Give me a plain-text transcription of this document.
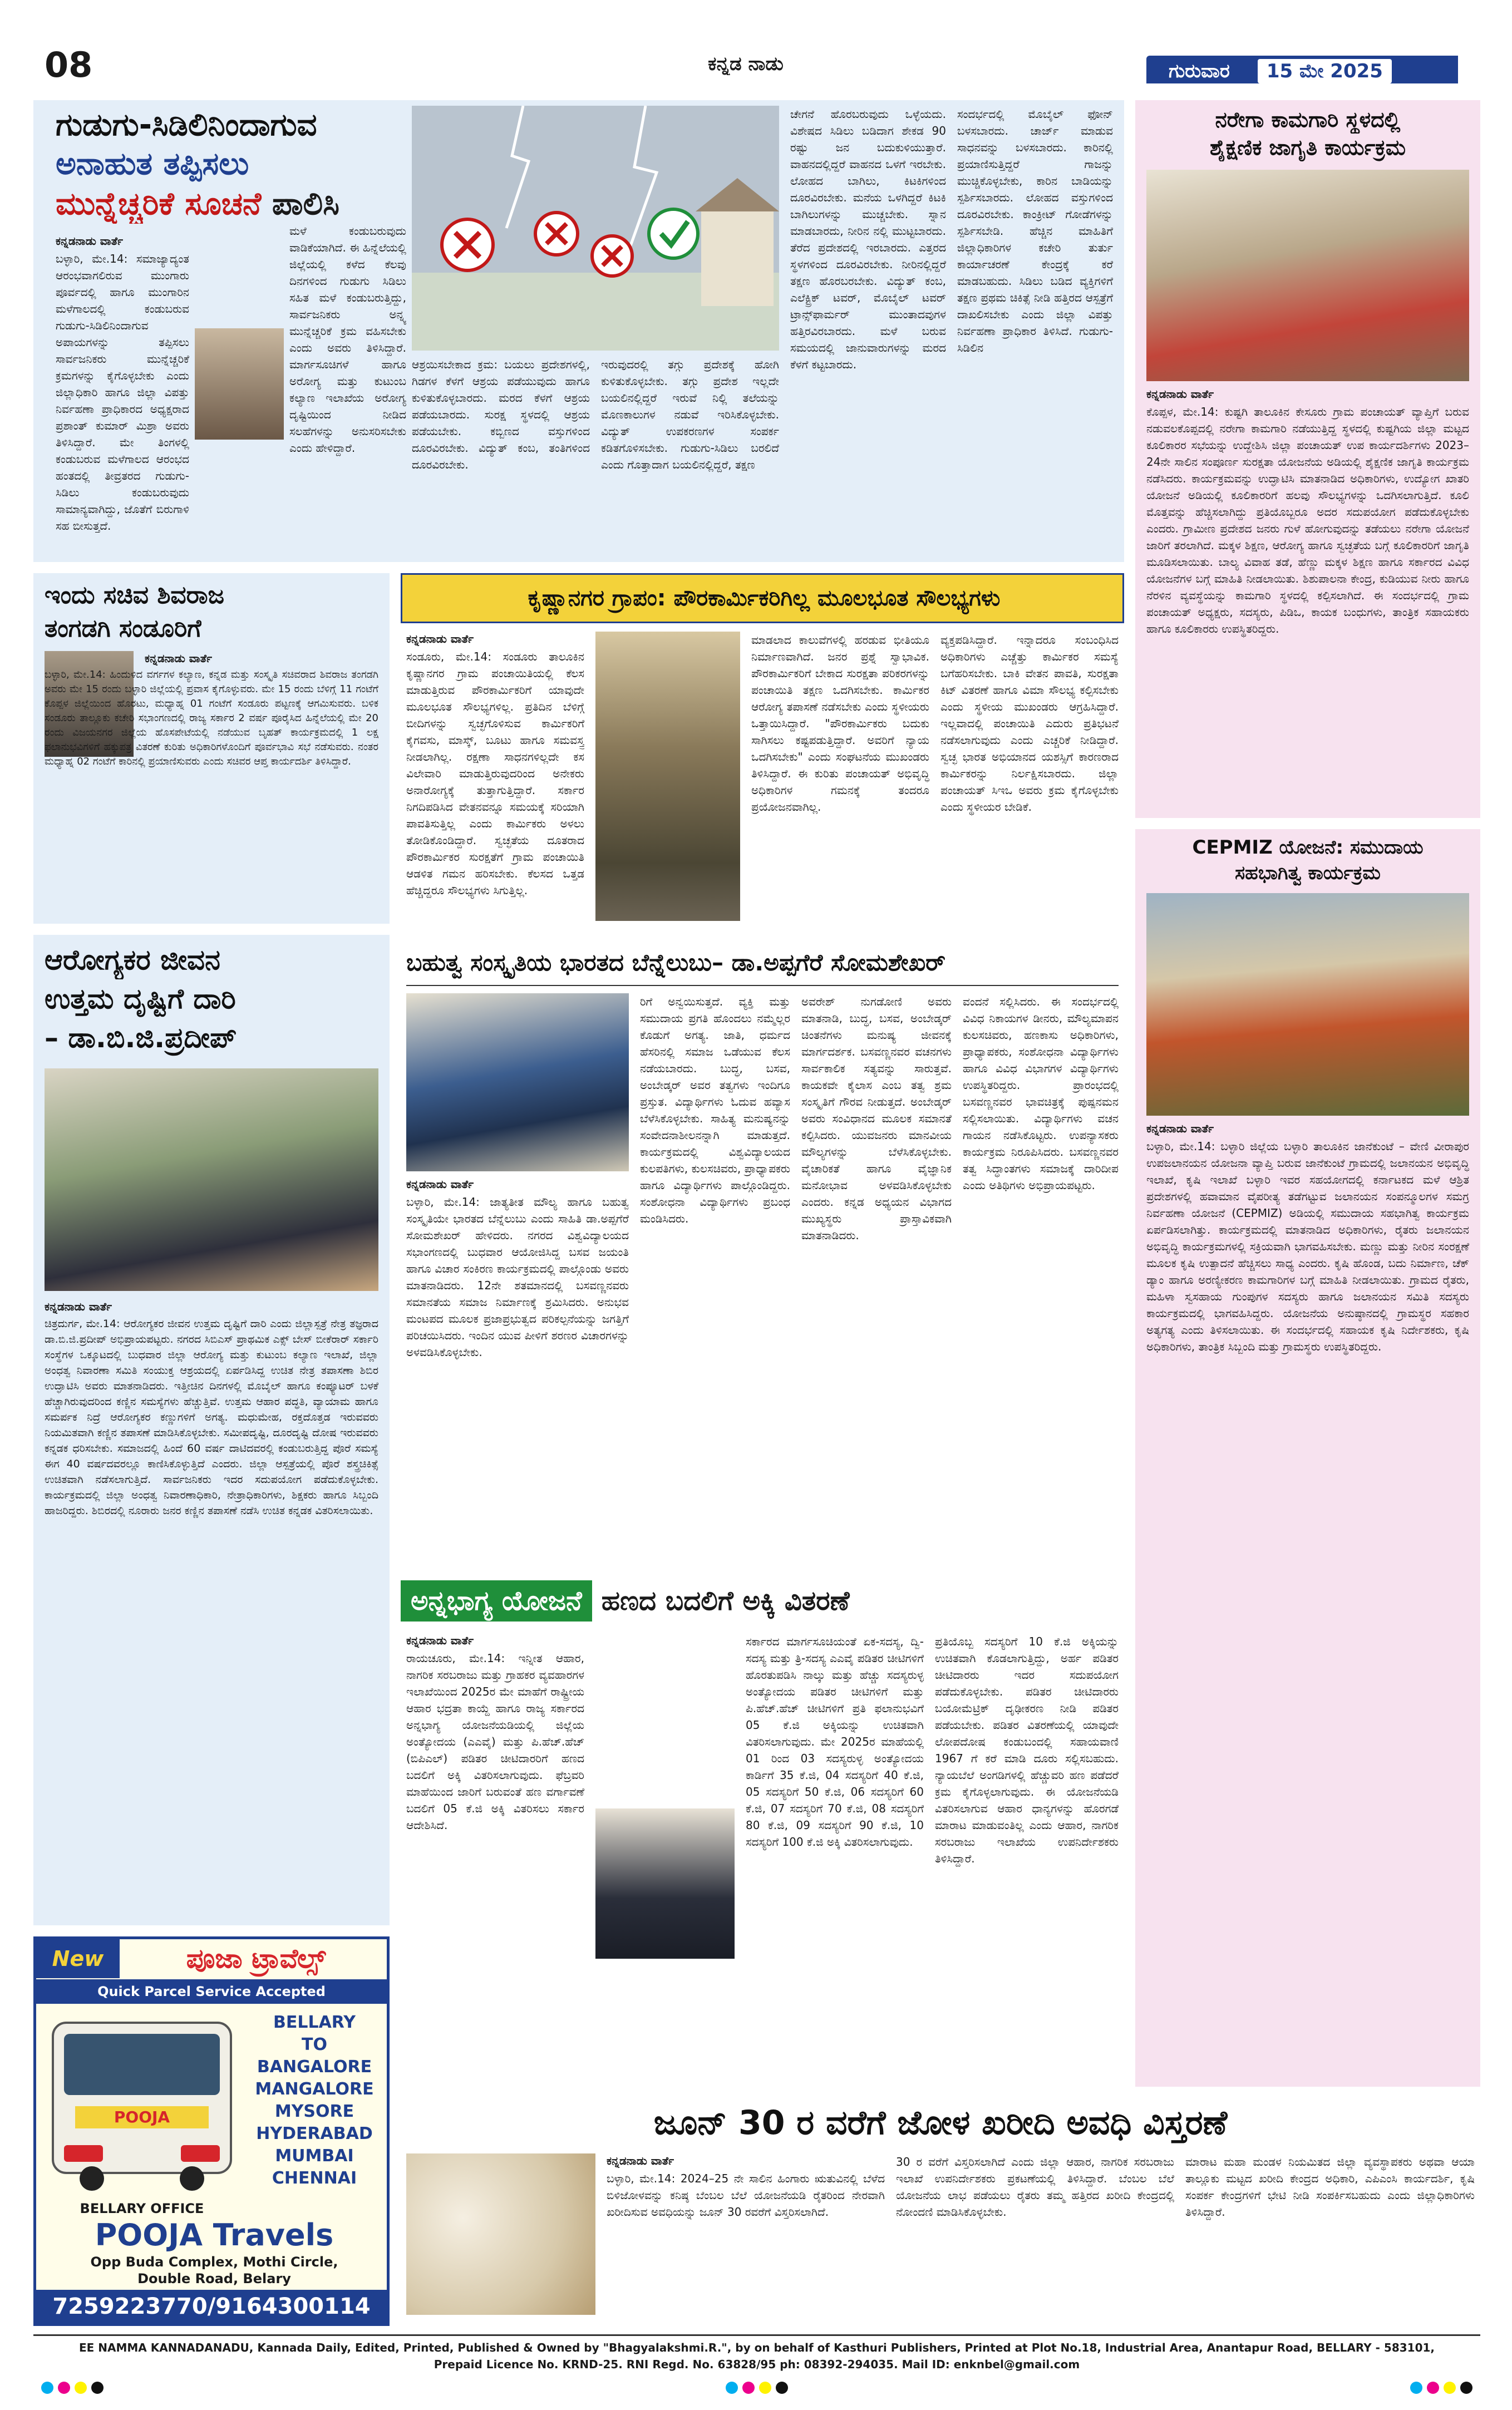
08	ಕನ್ನಡ ನಾಡು	ಗುರುವಾರ	15 ಮೇ 2025
ಗುಡುಗು-ಸಿಡಿಲಿನಿಂದಾಗುವ
ಅನಾಹುತ ತಪ್ಪಿಸಲು
ಮುನ್ನೆಚ್ಚರಿಕೆ ಸೂಚನೆ ಪಾಲಿಸಿ
ಕನ್ನಡನಾಡು ವಾರ್ತೆ
ಬಳ್ಳಾರಿ, ಮೇ.14: ಸಮಾಜ್ಯಾದ್ಯಂತ ಆರಂಭವಾಗಲಿರುವ ಮುಂಗಾರು ಪೂರ್ವದಲ್ಲಿ ಹಾಗೂ ಮುಂಗಾರಿನ ಮಳೆಗಾಲದಲ್ಲಿ ಕಂಡುಬರುವ ಗುಡುಗು-ಸಿಡಿಲಿನಿಂದಾಗುವ ಅಪಾಯಗಳನ್ನು ತಪ್ಪಿಸಲು ಸಾರ್ವಜನಿಕರು ಮುನ್ನೆಚ್ಚರಿಕೆ ಕ್ರಮಗಳನ್ನು ಕೈಗೊಳ್ಳಬೇಕು ಎಂದು ಜಿಲ್ಲಾಧಿಕಾರಿ ಹಾಗೂ ಜಿಲ್ಲಾ ವಿಪತ್ತು ನಿರ್ವಹಣಾ ಪ್ರಾಧಿಕಾರದ ಅಧ್ಯಕ್ಷರಾದ ಪ್ರಶಾಂತ್ ಕುಮಾರ್ ಮಿಶ್ರಾ ಅವರು ತಿಳಿಸಿದ್ದಾರೆ. ಮೇ ತಿಂಗಳಲ್ಲಿ ಕಂಡುಬರುವ ಮಳೆಗಾಲದ ಆರಂಭದ ಹಂತದಲ್ಲಿ ತೀವ್ರತರದ ಗುಡುಗು-ಸಿಡಿಲು ಕಂಡುಬರುವುದು ಸಾಮಾನ್ಯವಾಗಿದ್ದು, ಜೊತೆಗೆ ಬಿರುಗಾಳಿ ಸಹ ಬೀಸುತ್ತದೆ.
ಮಳೆ ಕಂಡುಬರುವುದು ವಾಡಿಕೆಯಾಗಿದೆ. ಈ ಹಿನ್ನೆಲೆಯಲ್ಲಿ ಜಿಲ್ಲೆಯಲ್ಲಿ ಕಳೆದ ಕೆಲವು ದಿನಗಳಿಂದ ಗುಡುಗು ಸಿಡಿಲು ಸಹಿತ ಮಳೆ ಕಂಡುಬರುತ್ತಿದ್ದು, ಸಾರ್ವಜನಿಕರು ಅನ್ನ್ಯ ಮುನ್ನೆಚ್ಚರಿಕೆ ಕ್ರಮ ವಹಿಸಬೇಕು ಎಂದು ಅವರು ತಿಳಿಸಿದ್ದಾರೆ. ಮಾರ್ಗಸೂಚಿಗಳೆ ಹಾಗೂ ಅರೋಗ್ಯ ಮತ್ತು ಕುಟುಂಬ ಕಲ್ಯಾಣ ಇಲಾಖೆಯ ಅರೋಗ್ಯ ದೃಷ್ಟಿಯಿಂದ ನೀಡಿದ ಸಲಹೆಗಳನ್ನು ಅನುಸರಿಸಬೇಕು ಎಂದು ಹೇಳಿದ್ದಾರೆ.
ಆಶ್ರಯಿಸಬೇಕಾದ ಕ್ರಮ: ಬಯಲು ಪ್ರದೇಶಗಳಲ್ಲಿ, ಗಿಡಗಳ ಕೆಳಗೆ ಆಶ್ರಯ ಪಡೆಯುವುದು ಹಾಗೂ ಕುಳಿತುಕೊಳ್ಳಬಾರದು. ಮರದ ಕೆಳಗೆ ಆಶ್ರಯ ಪಡೆಯಬಾರದು. ಸುರಕ್ಷ ಸ್ಥಳದಲ್ಲಿ ಆಶ್ರಯ ಪಡೆಯಬೇಕು. ಕಬ್ಬಿಣದ ವಸ್ತುಗಳಿಂದ ದೂರವಿರಬೇಕು. ವಿದ್ಯುತ್ ಕಂಬ, ತಂತಿಗಳಿಂದ ದೂರವಿರಬೇಕು.
ಇರುವುದರಲ್ಲಿ ತಗ್ಗು ಪ್ರದೇಶಕ್ಕೆ ಹೋಗಿ ಕುಳಿತುಕೊಳ್ಳಬೇಕು. ತಗ್ಗು ಪ್ರದೇಶ ಇಲ್ಲದೇ ಬಯಲಿನಲ್ಲಿದ್ದರೆ ಇರುವೆ ನಿಲ್ಲಿ ತಲೆಯನ್ನು ಮೊಣಕಾಲುಗಳ ನಡುವೆ ಇರಿಸಿಕೊಳ್ಳಬೇಕು. ವಿದ್ಯುತ್ ಉಪಕರಣಗಳ ಸಂಪರ್ಕ ಕಡಿತಗೊಳಿಸಬೇಕು. ಗುಡುಗು-ಸಿಡಿಲು ಬರಲಿದೆ ಎಂದು ಗೊತ್ತಾದಾಗ ಬಯಲಿನಲ್ಲಿದ್ದರೆ, ತಕ್ಷಣ
ಚೇಗನೆ ಹೊರಬರುವುದು ಒಳ್ಳೆಯದು. ವಿಶೇಷದ ಸಿಡಿಲು ಬಡಿದಾಗ ಶೇಕಡ 90 ರಷ್ಟು ಜನ ಬದುಕುಳಿಯುತ್ತಾರೆ. ವಾಹನದಲ್ಲಿದ್ದರೆ ವಾಹನದ ಒಳಗೆ ಇರಬೇಕು. ಲೋಹದ ಬಾಗಿಲು, ಕಿಟಕಿಗಳಿಂದ ದೂರವಿರಬೇಕು. ಮನೆಯ ಒಳಗಿದ್ದರೆ ಕಿಟಕಿ ಬಾಗಿಲುಗಳನ್ನು ಮುಚ್ಚಬೇಕು. ಸ್ನಾನ ಮಾಡಬಾರದು, ನೀರಿನ ನಲ್ಲಿ ಮುಟ್ಟಬಾರದು. ತೆರೆದ ಪ್ರದೇಶದಲ್ಲಿ ಇರಬಾರದು. ಎತ್ತರದ ಸ್ಥಳಗಳಿಂದ ದೂರವಿರಬೇಕು. ನೀರಿನಲ್ಲಿದ್ದರೆ ತಕ್ಷಣ ಹೊರಬರಬೇಕು. ವಿದ್ಯುತ್ ಕಂಬ, ಎಲೆಕ್ಟ್ರಿಕ್ ಟವರ್, ಮೊಬೈಲ್ ಟವರ್ ಟ್ರಾನ್ಸ್‌ಫಾರ್ಮರ್ ಮುಂತಾದವುಗಳ ಹತ್ತಿರವಿರಬಾರದು. ಮಳೆ ಬರುವ ಸಮಯದಲ್ಲಿ ಜಾನುವಾರುಗಳನ್ನು ಮರದ ಕೆಳಗೆ ಕಟ್ಟಬಾರದು.
ಸಂದರ್ಭದಲ್ಲಿ ಮೊಬೈಲ್ ಫೋನ್ ಬಳಸಬಾರದು. ಚಾರ್ಜ್ ಮಾಡುವ ಸಾಧನವನ್ನು ಬಳಸಬಾರದು. ಕಾರಿನಲ್ಲಿ ಪ್ರಯಾಣಿಸುತ್ತಿದ್ದರೆ ಗಾಜನ್ನು ಮುಚ್ಚಿಕೊಳ್ಳಬೇಕು, ಕಾರಿನ ಬಾಡಿಯನ್ನು ಸ್ಪರ್ಶಿಸಬಾರದು. ಲೋಹದ ವಸ್ತುಗಳಿಂದ ದೂರವಿರಬೇಕು. ಕಾಂಕ್ರೀಟ್ ಗೋಡೆಗಳನ್ನು ಸ್ಪರ್ಶಿಸಬೇಡಿ. ಹೆಚ್ಚಿನ ಮಾಹಿತಿಗೆ ಜಿಲ್ಲಾಧಿಕಾರಿಗಳ ಕಚೇರಿ ತುರ್ತು ಕಾರ್ಯಾಚರಣೆ ಕೇಂದ್ರಕ್ಕೆ ಕರೆ ಮಾಡಬಹುದು. ಸಿಡಿಲು ಬಡಿದ ವ್ಯಕ್ತಿಗಳಿಗೆ ತಕ್ಷಣ ಪ್ರಥಮ ಚಿಕಿತ್ಸೆ ನೀಡಿ ಹತ್ತಿರದ ಆಸ್ಪತ್ರೆಗೆ ದಾಖಲಿಸಬೇಕು ಎಂದು ಜಿಲ್ಲಾ ವಿಪತ್ತು ನಿರ್ವಹಣಾ ಪ್ರಾಧಿಕಾರ ತಿಳಿಸಿದೆ. ಗುಡುಗು-ಸಿಡಿಲಿನ
ನರೇಗಾ ಕಾಮಗಾರಿ ಸ್ಥಳದಲ್ಲಿ
ಶೈಕ್ಷಣಿಕ ಜಾಗೃತಿ ಕಾರ್ಯಕ್ರಮ
ಕನ್ನಡನಾಡು ವಾರ್ತೆ
ಕೊಪ್ಪಳ, ಮೇ.14: ಕುಷ್ಟಗಿ ತಾಲೂಕಿನ ಕೇಸೂರು ಗ್ರಾಮ ಪಂಚಾಯತ್ ವ್ಯಾಪ್ತಿಗೆ ಬರುವ ನಡುವಲಕೊಪ್ಪದಲ್ಲಿ ನರೇಗಾ ಕಾಮಗಾರಿ ನಡೆಯುತ್ತಿದ್ದ ಸ್ಥಳದಲ್ಲಿ ಕುಷ್ಟಗಿಯ ಜಿಲ್ಲಾ ಮಟ್ಟದ ಕೂಲಿಕಾರರ ಸಭೆಯನ್ನು ಉದ್ದೇಶಿಸಿ ಜಿಲ್ಲಾ ಪಂಚಾಯತ್ ಉಪ ಕಾರ್ಯದರ್ಶಿಗಳು 2023–24ನೇ ಸಾಲಿನ ಸಂಪೂರ್ಣ ಸುರಕ್ಷತಾ ಯೋಜನೆಯ ಅಡಿಯಲ್ಲಿ ಶೈಕ್ಷಣಿಕ ಜಾಗೃತಿ ಕಾರ್ಯಕ್ರಮ ನಡೆಸಿದರು. ಕಾರ್ಯಕ್ರಮವನ್ನು ಉದ್ಘಾಟಿಸಿ ಮಾತನಾಡಿದ ಅಧಿಕಾರಿಗಳು, ಉದ್ಯೋಗ ಖಾತರಿ ಯೋಜನೆ ಅಡಿಯಲ್ಲಿ ಕೂಲಿಕಾರರಿಗೆ ಹಲವು ಸೌಲಭ್ಯಗಳನ್ನು ಒದಗಿಸಲಾಗುತ್ತಿದೆ. ಕೂಲಿ ಮೊತ್ತವನ್ನು ಹೆಚ್ಚಿಸಲಾಗಿದ್ದು ಪ್ರತಿಯೊಬ್ಬರೂ ಅದರ ಸದುಪಯೋಗ ಪಡೆದುಕೊಳ್ಳಬೇಕು ಎಂದರು. ಗ್ರಾಮೀಣ ಪ್ರದೇಶದ ಜನರು ಗುಳೆ ಹೋಗುವುದನ್ನು ತಡೆಯಲು ನರೇಗಾ ಯೋಜನೆ ಜಾರಿಗೆ ತರಲಾಗಿದೆ. ಮಕ್ಕಳ ಶಿಕ್ಷಣ, ಆರೋಗ್ಯ ಹಾಗೂ ಸ್ವಚ್ಛತೆಯ ಬಗ್ಗೆ ಕೂಲಿಕಾರರಿಗೆ ಜಾಗೃತಿ ಮೂಡಿಸಲಾಯಿತು. ಬಾಲ್ಯ ವಿವಾಹ ತಡೆ, ಹೆಣ್ಣು ಮಕ್ಕಳ ಶಿಕ್ಷಣ ಹಾಗೂ ಸರ್ಕಾರದ ವಿವಿಧ ಯೋಜನೆಗಳ ಬಗ್ಗೆ ಮಾಹಿತಿ ನೀಡಲಾಯಿತು. ಶಿಶುಪಾಲನಾ ಕೇಂದ್ರ, ಕುಡಿಯುವ ನೀರು ಹಾಗೂ ನೆರಳಿನ ವ್ಯವಸ್ಥೆಯನ್ನು ಕಾಮಗಾರಿ ಸ್ಥಳದಲ್ಲಿ ಕಲ್ಪಿಸಲಾಗಿದೆ. ಈ ಸಂದರ್ಭದಲ್ಲಿ ಗ್ರಾಮ ಪಂಚಾಯತ್ ಅಧ್ಯಕ್ಷರು, ಸದಸ್ಯರು, ಪಿಡಿಒ, ಕಾಯಕ ಬಂಧುಗಳು, ತಾಂತ್ರಿಕ ಸಹಾಯಕರು ಹಾಗೂ ಕೂಲಿಕಾರರು ಉಪಸ್ಥಿತರಿದ್ದರು.
CEPMIZ ಯೋಜನೆ: ಸಮುದಾಯ
ಸಹಭಾಗಿತ್ವ ಕಾರ್ಯಕ್ರಮ
ಕನ್ನಡನಾಡು ವಾರ್ತೆ
ಬಳ್ಳಾರಿ, ಮೇ.14: ಬಳ್ಳಾರಿ ಜಿಲ್ಲೆಯ ಬಳ್ಳಾರಿ ತಾಲೂಕಿನ ಜಾನೆಕುಂಟೆ – ವೇಣಿ ವೀರಾಪುರ ಉಪಜಲಾನಯನ ಯೋಜನಾ ವ್ಯಾಪ್ತಿ ಬರುವ ಜಾನೆಕುಂಟೆ ಗ್ರಾಮದಲ್ಲಿ ಜಲಾನಯನ ಅಭಿವೃದ್ಧಿ ಇಲಾಖೆ, ಕೃಷಿ ಇಲಾಖೆ ಬಳ್ಳಾರಿ ಇವರ ಸಹಯೋಗದಲ್ಲಿ ಕರ್ನಾಟಕದ ಮಳೆ ಆಶ್ರಿತ ಪ್ರದೇಶಗಳಲ್ಲಿ ಹವಾಮಾನ ವೈಪರೀತ್ಯ ತಡೆಗಟ್ಟುವ ಜಲಾನಯನ ಸಂಪನ್ಮೂಲಗಳ ಸಮಗ್ರ ನಿರ್ವಹಣಾ ಯೋಜನೆ (CEPMIZ) ಅಡಿಯಲ್ಲಿ ಸಮುದಾಯ ಸಹಭಾಗಿತ್ವ ಕಾರ್ಯಕ್ರಮ ಏರ್ಪಡಿಸಲಾಗಿತ್ತು. ಕಾರ್ಯಕ್ರಮದಲ್ಲಿ ಮಾತನಾಡಿದ ಅಧಿಕಾರಿಗಳು, ರೈತರು ಜಲಾನಯನ ಅಭಿವೃದ್ಧಿ ಕಾರ್ಯಕ್ರಮಗಳಲ್ಲಿ ಸಕ್ರಿಯವಾಗಿ ಭಾಗವಹಿಸಬೇಕು. ಮಣ್ಣು ಮತ್ತು ನೀರಿನ ಸಂರಕ್ಷಣೆ ಮೂಲಕ ಕೃಷಿ ಉತ್ಪಾದನೆ ಹೆಚ್ಚಿಸಲು ಸಾಧ್ಯ ಎಂದರು. ಕೃಷಿ ಹೊಂಡ, ಬದು ನಿರ್ಮಾಣ, ಚೆಕ್ ಡ್ಯಾಂ ಹಾಗೂ ಅರಣ್ಯೀಕರಣ ಕಾಮಗಾರಿಗಳ ಬಗ್ಗೆ ಮಾಹಿತಿ ನೀಡಲಾಯಿತು. ಗ್ರಾಮದ ರೈತರು, ಮಹಿಳಾ ಸ್ವಸಹಾಯ ಗುಂಪುಗಳ ಸದಸ್ಯರು ಹಾಗೂ ಜಲಾನಯನ ಸಮಿತಿ ಸದಸ್ಯರು ಕಾರ್ಯಕ್ರಮದಲ್ಲಿ ಭಾಗವಹಿಸಿದ್ದರು. ಯೋಜನೆಯ ಅನುಷ್ಠಾನದಲ್ಲಿ ಗ್ರಾಮಸ್ಥರ ಸಹಕಾರ ಅತ್ಯಗತ್ಯ ಎಂದು ತಿಳಿಸಲಾಯಿತು. ಈ ಸಂದರ್ಭದಲ್ಲಿ ಸಹಾಯಕ ಕೃಷಿ ನಿರ್ದೇಶಕರು, ಕೃಷಿ ಅಧಿಕಾರಿಗಳು, ತಾಂತ್ರಿಕ ಸಿಬ್ಬಂದಿ ಮತ್ತು ಗ್ರಾಮಸ್ಥರು ಉಪಸ್ಥಿತರಿದ್ದರು.
ಇಂದು ಸಚಿವ ಶಿವರಾಜ
ತಂಗಡಗಿ ಸಂಡೂರಿಗೆ
ಕನ್ನಡನಾಡು ವಾರ್ತೆ
ಬಳ್ಳಾರಿ, ಮೇ.14: ಹಿಂದುಳಿದ ವರ್ಗಗಳ ಕಲ್ಯಾಣ, ಕನ್ನಡ ಮತ್ತು ಸಂಸ್ಕೃತಿ ಸಚಿವರಾದ ಶಿವರಾಜ ತಂಗಡಗಿ ಅವರು ಮೇ 15 ರಂದು ಬಳ್ಳಾರಿ ಜಿಲ್ಲೆಯಲ್ಲಿ ಪ್ರವಾಸ ಕೈಗೊಳ್ಳುವರು. ಮೇ 15 ರಂದು ಬೆಳಿಗ್ಗೆ 11 ಗಂಟೆಗೆ ಕೊಪ್ಪಳ ಜಿಲ್ಲೆಯಿಂದ ಹೊರಟು, ಮಧ್ಯಾಹ್ನ 01 ಗಂಟೆಗೆ ಸಂಡೂರು ಪಟ್ಟಣಕ್ಕೆ ಆಗಮಿಸುವರು. ಬಳಿಕ ಸಂಡೂರು ತಾಲ್ಲೂಕು ಕಚೇರಿ ಸಭಾಂಗಣದಲ್ಲಿ ರಾಜ್ಯ ಸರ್ಕಾರ 2 ವರ್ಷ ಪೂರೈಸಿದ ಹಿನ್ನೆಲೆಯಲ್ಲಿ ಮೇ 20 ರಂದು ವಿಜಯನಗರ ಜಿಲ್ಲೆಯ ಹೊಸಪೇಟೆಯಲ್ಲಿ ನಡೆಯುವ ಬೃಹತ್ ಕಾರ್ಯಕ್ರಮದಲ್ಲಿ 1 ಲಕ್ಷ ಫಲಾನುಭವಿಗಳಿಗೆ ಹಕ್ಕುಪತ್ರ ವಿತರಣೆ ಕುರಿತು ಅಧಿಕಾರಿಗಳೊಂದಿಗೆ ಪೂರ್ವಭಾವಿ ಸಭೆ ನಡೆಸುವರು. ನಂತರ ಮಧ್ಯಾಹ್ನ 02 ಗಂಟೆಗೆ ಕಾರಿನಲ್ಲಿ ಪ್ರಯಾಣಿಸುವರು ಎಂದು ಸಚಿವರ ಆಪ್ತ ಕಾರ್ಯದರ್ಶಿ ತಿಳಿಸಿದ್ದಾರೆ.
ಆರೋಗ್ಯಕರ ಜೀವನ
ಉತ್ತಮ ದೃಷ್ಟಿಗೆ ದಾರಿ
– ಡಾ.ಬಿ.ಜಿ.ಪ್ರದೀಪ್
ಕನ್ನಡನಾಡು ವಾರ್ತೆ
ಚಿತ್ರದುರ್ಗ, ಮೇ.14: ಆರೋಗ್ಯಕರ ಜೀವನ ಉತ್ತಮ ದೃಷ್ಟಿಗೆ ದಾರಿ ಎಂದು ಜಿಲ್ಲಾಸ್ಪತ್ರೆ ನೇತ್ರ ತಜ್ಞರಾದ ಡಾ.ಬಿ.ಜಿ.ಪ್ರದೀಪ್ ಅಭಿಪ್ರಾಯಪಟ್ಟರು. ನಗರದ ಸಿಬಿಎಸ್ ಪ್ರಾಥಮಿಕ ಎಕ್ಸ್ ಬೇಸ್ ಬೀಕೆರಾರ್ ಸರ್ಕಾರಿ ಸಂಸ್ಥೆಗಳ ಒಕ್ಕೂಟದಲ್ಲಿ ಬುಧವಾರ ಜಿಲ್ಲಾ ಆರೋಗ್ಯ ಮತ್ತು ಕುಟುಂಬ ಕಲ್ಯಾಣ ಇಲಾಖೆ, ಜಿಲ್ಲಾ ಅಂಧತ್ವ ನಿವಾರಣಾ ಸಮಿತಿ ಸಂಯುಕ್ತ ಆಶ್ರಯದಲ್ಲಿ ಏರ್ಪಡಿಸಿದ್ದ ಉಚಿತ ನೇತ್ರ ತಪಾಸಣಾ ಶಿಬಿರ ಉದ್ಘಾಟಿಸಿ ಅವರು ಮಾತನಾಡಿದರು. ಇತ್ತೀಚಿನ ದಿನಗಳಲ್ಲಿ ಮೊಬೈಲ್ ಹಾಗೂ ಕಂಪ್ಯೂಟರ್ ಬಳಕೆ ಹೆಚ್ಚಾಗಿರುವುದರಿಂದ ಕಣ್ಣಿನ ಸಮಸ್ಯೆಗಳು ಹೆಚ್ಚುತ್ತಿವೆ. ಉತ್ತಮ ಆಹಾರ ಪದ್ಧತಿ, ವ್ಯಾಯಾಮ ಹಾಗೂ ಸಮರ್ಪಕ ನಿದ್ರೆ ಆರೋಗ್ಯಕರ ಕಣ್ಣುಗಳಿಗೆ ಅಗತ್ಯ. ಮಧುಮೇಹ, ರಕ್ತದೊತ್ತಡ ಇರುವವರು ನಿಯಮಿತವಾಗಿ ಕಣ್ಣಿನ ತಪಾಸಣೆ ಮಾಡಿಸಿಕೊಳ್ಳಬೇಕು. ಸಮೀಪದೃಷ್ಟಿ, ದೂರದೃಷ್ಟಿ ದೋಷ ಇರುವವರು ಕನ್ನಡಕ ಧರಿಸಬೇಕು. ಸಮಾಜದಲ್ಲಿ ಹಿಂದೆ 60 ವರ್ಷ ದಾಟಿದವರಲ್ಲಿ ಕಂಡುಬರುತ್ತಿದ್ದ ಪೊರೆ ಸಮಸ್ಯೆ ಈಗ 40 ವರ್ಷದವರಲ್ಲೂ ಕಾಣಿಸಿಕೊಳ್ಳುತ್ತಿದೆ ಎಂದರು. ಜಿಲ್ಲಾ ಆಸ್ಪತ್ರೆಯಲ್ಲಿ ಪೊರೆ ಶಸ್ತ್ರಚಿಕಿತ್ಸೆ ಉಚಿತವಾಗಿ ನಡೆಸಲಾಗುತ್ತಿದೆ. ಸಾರ್ವಜನಿಕರು ಇದರ ಸದುಪಯೋಗ ಪಡೆದುಕೊಳ್ಳಬೇಕು. ಕಾರ್ಯಕ್ರಮದಲ್ಲಿ ಜಿಲ್ಲಾ ಅಂಧತ್ವ ನಿವಾರಣಾಧಿಕಾರಿ, ನೇತ್ರಾಧಿಕಾರಿಗಳು, ಶಿಕ್ಷಕರು ಹಾಗೂ ಸಿಬ್ಬಂದಿ ಹಾಜರಿದ್ದರು. ಶಿಬಿರದಲ್ಲಿ ನೂರಾರು ಜನರ ಕಣ್ಣಿನ ತಪಾಸಣೆ ನಡೆಸಿ ಉಚಿತ ಕನ್ನಡಕ ವಿತರಿಸಲಾಯಿತು.
ಕೃಷ್ಣಾನಗರ ಗ್ರಾಪಂ: ಪೌರಕಾರ್ಮಿಕರಿಗಿಲ್ಲ ಮೂಲಭೂತ ಸೌಲಭ್ಯಗಳು
ಕನ್ನಡನಾಡು ವಾರ್ತೆ
ಸಂಡೂರು, ಮೇ.14: ಸಂಡೂರು ತಾಲೂಕಿನ ಕೃಷ್ಣಾನಗರ ಗ್ರಾಮ ಪಂಚಾಯಿತಿಯಲ್ಲಿ ಕೆಲಸ ಮಾಡುತ್ತಿರುವ ಪೌರಕಾರ್ಮಿಕರಿಗೆ ಯಾವುದೇ ಮೂಲಭೂತ ಸೌಲಭ್ಯಗಳಿಲ್ಲ. ಪ್ರತಿದಿನ ಬೆಳಿಗ್ಗೆ ಬೀದಿಗಳನ್ನು ಸ್ವಚ್ಛಗೊಳಿಸುವ ಕಾರ್ಮಿಕರಿಗೆ ಕೈಗವಸು, ಮಾಸ್ಕ್, ಬೂಟು ಹಾಗೂ ಸಮವಸ್ತ್ರ ನೀಡಲಾಗಿಲ್ಲ. ರಕ್ಷಣಾ ಸಾಧನಗಳಿಲ್ಲದೇ ಕಸ ವಿಲೇವಾರಿ ಮಾಡುತ್ತಿರುವುದರಿಂದ ಅನೇಕರು ಅನಾರೋಗ್ಯಕ್ಕೆ ತುತ್ತಾಗುತ್ತಿದ್ದಾರೆ. ಸರ್ಕಾರ ನಿಗದಿಪಡಿಸಿದ ವೇತನವನ್ನೂ ಸಮಯಕ್ಕೆ ಸರಿಯಾಗಿ ಪಾವತಿಸುತ್ತಿಲ್ಲ ಎಂದು ಕಾರ್ಮಿಕರು ಅಳಲು ತೋಡಿಕೊಂಡಿದ್ದಾರೆ. ಸ್ವಚ್ಛತೆಯ ದೂತರಾದ ಪೌರಕಾರ್ಮಿಕರ ಸುರಕ್ಷತೆಗೆ ಗ್ರಾಮ ಪಂಚಾಯಿತಿ ಆಡಳಿತ ಗಮನ ಹರಿಸಬೇಕು. ಕೆಲಸದ ಒತ್ತಡ ಹೆಚ್ಚಿದ್ದರೂ ಸೌಲಭ್ಯಗಳು ಸಿಗುತ್ತಿಲ್ಲ.
ಮಾಡಲಾದ ಕಾಲುವೆಗಳಲ್ಲಿ ಹರಡುವ ಭೀತಿಯೂ ನಿರ್ಮಾಣವಾಗಿದೆ. ಜನರ ಪ್ರಶ್ನೆ ಸ್ವಾಭಾವಿಕ. ಪೌರಕಾರ್ಮಿಕರಿಗೆ ಬೇಕಾದ ಸುರಕ್ಷತಾ ಪರಿಕರಗಳನ್ನು ಪಂಚಾಯಿತಿ ತಕ್ಷಣ ಒದಗಿಸಬೇಕು. ಕಾರ್ಮಿಕರ ಆರೋಗ್ಯ ತಪಾಸಣೆ ನಡೆಸಬೇಕು ಎಂದು ಸ್ಥಳೀಯರು ಒತ್ತಾಯಿಸಿದ್ದಾರೆ. "ಪೌರಕಾರ್ಮಿಕರು ಬದುಕು ಸಾಗಿಸಲು ಕಷ್ಟಪಡುತ್ತಿದ್ದಾರೆ. ಅವರಿಗೆ ನ್ಯಾಯ ಒದಗಿಸಬೇಕು" ಎಂದು ಸಂಘಟನೆಯ ಮುಖಂಡರು ತಿಳಿಸಿದ್ದಾರೆ. ಈ ಕುರಿತು ಪಂಚಾಯತ್ ಅಭಿವೃದ್ಧಿ ಅಧಿಕಾರಿಗಳ ಗಮನಕ್ಕೆ ತಂದರೂ ಪ್ರಯೋಜನವಾಗಿಲ್ಲ.
ವ್ಯಕ್ತಪಡಿಸಿದ್ದಾರೆ. ಇನ್ನಾದರೂ ಸಂಬಂಧಿಸಿದ ಅಧಿಕಾರಿಗಳು ಎಚ್ಚೆತ್ತು ಕಾರ್ಮಿಕರ ಸಮಸ್ಯೆ ಬಗೆಹರಿಸಬೇಕು. ಬಾಕಿ ವೇತನ ಪಾವತಿ, ಸುರಕ್ಷತಾ ಕಿಟ್ ವಿತರಣೆ ಹಾಗೂ ವಿಮಾ ಸೌಲಭ್ಯ ಕಲ್ಪಿಸಬೇಕು ಎಂದು ಸ್ಥಳೀಯ ಮುಖಂಡರು ಆಗ್ರಹಿಸಿದ್ದಾರೆ. ಇಲ್ಲವಾದಲ್ಲಿ ಪಂಚಾಯಿತಿ ಎದುರು ಪ್ರತಿಭಟನೆ ನಡೆಸಲಾಗುವುದು ಎಂದು ಎಚ್ಚರಿಕೆ ನೀಡಿದ್ದಾರೆ. ಸ್ವಚ್ಛ ಭಾರತ ಅಭಿಯಾನದ ಯಶಸ್ಸಿಗೆ ಕಾರಣರಾದ ಕಾರ್ಮಿಕರನ್ನು ನಿರ್ಲಕ್ಷಿಸಬಾರದು. ಜಿಲ್ಲಾ ಪಂಚಾಯತ್ ಸಿಇಒ ಅವರು ಕ್ರಮ ಕೈಗೊಳ್ಳಬೇಕು ಎಂದು ಸ್ಥಳೀಯರ ಬೇಡಿಕೆ.
ಬಹುತ್ವ ಸಂಸ್ಕೃತಿಯ ಭಾರತದ ಬೆನ್ನೆಲುಬು– ಡಾ.ಅಪ್ಪಗೆರೆ ಸೋಮಶೇಖರ್
ಕನ್ನಡನಾಡು ವಾರ್ತೆ
ಬಳ್ಳಾರಿ, ಮೇ.14: ಜಾತ್ಯತೀತ ಮೌಲ್ಯ ಹಾಗೂ ಬಹುತ್ವ ಸಂಸ್ಕೃತಿಯೇ ಭಾರತದ ಬೆನ್ನೆಲುಬು ಎಂದು ಸಾಹಿತಿ ಡಾ.ಅಪ್ಪಗೆರೆ ಸೋಮಶೇಖರ್ ಹೇಳಿದರು. ನಗರದ ವಿಶ್ವವಿದ್ಯಾಲಯದ ಸಭಾಂಗಣದಲ್ಲಿ ಬುಧವಾರ ಆಯೋಜಿಸಿದ್ದ ಬಸವ ಜಯಂತಿ ಹಾಗೂ ವಿಚಾರ ಸಂಕಿರಣ ಕಾರ್ಯಕ್ರಮದಲ್ಲಿ ಪಾಲ್ಗೊಂಡು ಅವರು ಮಾತನಾಡಿದರು. 12ನೇ ಶತಮಾನದಲ್ಲಿ ಬಸವಣ್ಣನವರು ಸಮಾನತೆಯ ಸಮಾಜ ನಿರ್ಮಾಣಕ್ಕೆ ಶ್ರಮಿಸಿದರು. ಅನುಭವ ಮಂಟಪದ ಮೂಲಕ ಪ್ರಜಾಪ್ರಭುತ್ವದ ಪರಿಕಲ್ಪನೆಯನ್ನು ಜಗತ್ತಿಗೆ ಪರಿಚಯಿಸಿದರು. ಇಂದಿನ ಯುವ ಪೀಳಿಗೆ ಶರಣರ ವಿಚಾರಗಳನ್ನು ಅಳವಡಿಸಿಕೊಳ್ಳಬೇಕು.
ರಿಗೆ ಅನ್ವಯಿಸುತ್ತದೆ. ವ್ಯಕ್ತಿ ಮತ್ತು ಸಮುದಾಯ ಪ್ರಗತಿ ಹೊಂದಲು ನಮ್ಮೆಲ್ಲರ ಕೊಡುಗೆ ಅಗತ್ಯ. ಜಾತಿ, ಧರ್ಮದ ಹೆಸರಿನಲ್ಲಿ ಸಮಾಜ ಒಡೆಯುವ ಕೆಲಸ ನಡೆಯಬಾರದು. ಬುದ್ಧ, ಬಸವ, ಅಂಬೇಡ್ಕರ್ ಅವರ ತತ್ವಗಳು ಇಂದಿಗೂ ಪ್ರಸ್ತುತ. ವಿದ್ಯಾರ್ಥಿಗಳು ಓದುವ ಹವ್ಯಾಸ ಬೆಳೆಸಿಕೊಳ್ಳಬೇಕು. ಸಾಹಿತ್ಯ ಮನುಷ್ಯನನ್ನು ಸಂವೇದನಾಶೀಲನನ್ನಾಗಿ ಮಾಡುತ್ತದೆ. ಕಾರ್ಯಕ್ರಮದಲ್ಲಿ ವಿಶ್ವವಿದ್ಯಾಲಯದ ಕುಲಪತಿಗಳು, ಕುಲಸಚಿವರು, ಪ್ರಾಧ್ಯಾಪಕರು ಹಾಗೂ ವಿದ್ಯಾರ್ಥಿಗಳು ಪಾಲ್ಗೊಂಡಿದ್ದರು. ಸಂಶೋಧನಾ ವಿದ್ಯಾರ್ಥಿಗಳು ಪ್ರಬಂಧ ಮಂಡಿಸಿದರು.
ಅವರೇಶ್ ನುಗಡೋಣಿ ಅವರು ಮಾತನಾಡಿ, ಬುದ್ಧ, ಬಸವ, ಅಂಬೇಡ್ಕರ್ ಚಿಂತನೆಗಳು ಮನುಷ್ಯ ಜೀವನಕ್ಕೆ ಮಾರ್ಗದರ್ಶಕ. ಬಸವಣ್ಣನವರ ವಚನಗಳು ಸಾರ್ವಕಾಲಿಕ ಸತ್ಯವನ್ನು ಸಾರುತ್ತವೆ. ಕಾಯಕವೇ ಕೈಲಾಸ ಎಂಬ ತತ್ವ ಶ್ರಮ ಸಂಸ್ಕೃತಿಗೆ ಗೌರವ ನೀಡುತ್ತದೆ. ಅಂಬೇಡ್ಕರ್ ಅವರು ಸಂವಿಧಾನದ ಮೂಲಕ ಸಮಾನತೆ ಕಲ್ಪಿಸಿದರು. ಯುವಜನರು ಮಾನವೀಯ ಮೌಲ್ಯಗಳನ್ನು ಬೆಳೆಸಿಕೊಳ್ಳಬೇಕು. ವೈಚಾರಿಕತೆ ಹಾಗೂ ವೈಜ್ಞಾನಿಕ ಮನೋಭಾವ ಅಳವಡಿಸಿಕೊಳ್ಳಬೇಕು ಎಂದರು. ಕನ್ನಡ ಅಧ್ಯಯನ ವಿಭಾಗದ ಮುಖ್ಯಸ್ಥರು ಪ್ರಾಸ್ತಾವಿಕವಾಗಿ ಮಾತನಾಡಿದರು.
ವಂದನೆ ಸಲ್ಲಿಸಿದರು. ಈ ಸಂದರ್ಭದಲ್ಲಿ ವಿವಿಧ ನಿಕಾಯಗಳ ಡೀನರು, ಮೌಲ್ಯಮಾಪನ ಕುಲಸಚಿವರು, ಹಣಕಾಸು ಅಧಿಕಾರಿಗಳು, ಪ್ರಾಧ್ಯಾಪಕರು, ಸಂಶೋಧನಾ ವಿದ್ಯಾರ್ಥಿಗಳು ಹಾಗೂ ವಿವಿಧ ವಿಭಾಗಗಳ ವಿದ್ಯಾರ್ಥಿಗಳು ಉಪಸ್ಥಿತರಿದ್ದರು. ಪ್ರಾರಂಭದಲ್ಲಿ ಬಸವಣ್ಣನವರ ಭಾವಚಿತ್ರಕ್ಕೆ ಪುಷ್ಪನಮನ ಸಲ್ಲಿಸಲಾಯಿತು. ವಿದ್ಯಾರ್ಥಿಗಳು ವಚನ ಗಾಯನ ನಡೆಸಿಕೊಟ್ಟರು. ಉಪನ್ಯಾಸಕರು ಕಾರ್ಯಕ್ರಮ ನಿರೂಪಿಸಿದರು. ಬಸವಣ್ಣನವರ ತತ್ವ ಸಿದ್ಧಾಂತಗಳು ಸಮಾಜಕ್ಕೆ ದಾರಿದೀಪ ಎಂದು ಅತಿಥಿಗಳು ಅಭಿಪ್ರಾಯಪಟ್ಟರು.
ಅನ್ನಭಾಗ್ಯ ಯೋಜನೆ ಹಣದ ಬದಲಿಗೆ ಅಕ್ಕಿ ವಿತರಣೆ
ಕನ್ನಡನಾಡು ವಾರ್ತೆ
ರಾಯಚೂರು, ಮೇ.14: ಇನ್ನೀತ ಆಹಾರ, ನಾಗರಿಕ ಸರಬರಾಜು ಮತ್ತು ಗ್ರಾಹಕರ ವ್ಯವಹಾರಗಳ ಇಲಾಖೆಯಿಂದ 2025ರ ಮೇ ಮಾಹೆಗೆ ರಾಷ್ಟ್ರೀಯ ಆಹಾರ ಭದ್ರತಾ ಕಾಯ್ದೆ ಹಾಗೂ ರಾಜ್ಯ ಸರ್ಕಾರದ ಅನ್ನಭಾಗ್ಯ ಯೋಜನೆಯಡಿಯಲ್ಲಿ ಜಿಲ್ಲೆಯ ಅಂತ್ಯೋದಯ (ಎಎವೈ) ಮತ್ತು ಪಿ.ಹೆಚ್.ಹೆಚ್ (ಬಿಪಿಎಲ್) ಪಡಿತರ ಚೀಟಿದಾರರಿಗೆ ಹಣದ ಬದಲಿಗೆ ಅಕ್ಕಿ ವಿತರಿಸಲಾಗುವುದು. ಫೆಬ್ರವರಿ ಮಾಹೆಯಿಂದ ಜಾರಿಗೆ ಬರುವಂತೆ ಹಣ ವರ್ಗಾವಣೆ ಬದಲಿಗೆ 05 ಕೆ.ಜಿ ಅಕ್ಕಿ ವಿತರಿಸಲು ಸರ್ಕಾರ ಆದೇಶಿಸಿದೆ.
ಸರ್ಕಾರದ ಮಾರ್ಗಸೂಚಿಯಂತೆ ಏಕ-ಸದಸ್ಯ, ದ್ವಿ-ಸದಸ್ಯ ಮತ್ತು ತ್ರಿ-ಸದಸ್ಯ ಎಎವೈ ಪಡಿತರ ಚೀಟಿಗಳಿಗೆ ಹೊರತುಪಡಿಸಿ ನಾಲ್ಕು ಮತ್ತು ಹೆಚ್ಚು ಸದಸ್ಯರುಳ್ಳ ಅಂತ್ಯೋದಯ ಪಡಿತರ ಚೀಟಿಗಳಿಗೆ ಮತ್ತು ಪಿ.ಹೆಚ್.ಹೆಚ್ ಚೀಟಿಗಳಿಗೆ ಪ್ರತಿ ಫಲಾನುಭವಿಗೆ 05 ಕೆ.ಜಿ ಅಕ್ಕಿಯನ್ನು ಉಚಿತವಾಗಿ ವಿತರಿಸಲಾಗುವುದು. ಮೇ 2025ರ ಮಾಹೆಯಲ್ಲಿ 01 ರಿಂದ 03 ಸದಸ್ಯರುಳ್ಳ ಅಂತ್ಯೋದಯ ಕಾರ್ಡಿಗೆ 35 ಕೆ.ಜಿ, 04 ಸದಸ್ಯರಿಗೆ 40 ಕೆ.ಜಿ, 05 ಸದಸ್ಯರಿಗೆ 50 ಕೆ.ಜಿ, 06 ಸದಸ್ಯರಿಗೆ 60 ಕೆ.ಜಿ, 07 ಸದಸ್ಯರಿಗೆ 70 ಕೆ.ಜಿ, 08 ಸದಸ್ಯರಿಗೆ 80 ಕೆ.ಜಿ, 09 ಸದಸ್ಯರಿಗೆ 90 ಕೆ.ಜಿ, 10 ಸದಸ್ಯರಿಗೆ 100 ಕೆ.ಜಿ ಅಕ್ಕಿ ವಿತರಿಸಲಾಗುವುದು.
ಪ್ರತಿಯೊಬ್ಬ ಸದಸ್ಯರಿಗೆ 10 ಕೆ.ಜಿ ಅಕ್ಕಿಯನ್ನು ಉಚಿತವಾಗಿ ಕೊಡಲಾಗುತ್ತಿದ್ದು, ಅರ್ಹ ಪಡಿತರ ಚೀಟಿದಾರರು ಇದರ ಸದುಪಯೋಗ ಪಡೆದುಕೊಳ್ಳಬೇಕು. ಪಡಿತರ ಚೀಟಿದಾರರು ಬಯೋಮೆಟ್ರಿಕ್ ದೃಢೀಕರಣ ನೀಡಿ ಪಡಿತರ ಪಡೆಯಬೇಕು. ಪಡಿತರ ವಿತರಣೆಯಲ್ಲಿ ಯಾವುದೇ ಲೋಪದೋಷ ಕಂಡುಬಂದಲ್ಲಿ ಸಹಾಯವಾಣಿ 1967 ಗೆ ಕರೆ ಮಾಡಿ ದೂರು ಸಲ್ಲಿಸಬಹುದು. ನ್ಯಾಯಬೆಲೆ ಅಂಗಡಿಗಳಲ್ಲಿ ಹೆಚ್ಚುವರಿ ಹಣ ಪಡೆದರೆ ಕ್ರಮ ಕೈಗೊಳ್ಳಲಾಗುವುದು. ಈ ಯೋಜನೆಯಡಿ ವಿತರಿಸಲಾಗುವ ಆಹಾರ ಧಾನ್ಯಗಳನ್ನು ಹೊರಗಡೆ ಮಾರಾಟ ಮಾಡುವಂತಿಲ್ಲ ಎಂದು ಆಹಾರ, ನಾಗರಿಕ ಸರಬರಾಜು ಇಲಾಖೆಯ ಉಪನಿರ್ದೇಶಕರು ತಿಳಿಸಿದ್ದಾರೆ.
New	ಪೂಜಾ ಟ್ರಾವೆಲ್ಸ್
Quick Parcel Service Accepted
POOJA
BELLARY
TO
BANGALORE
MANGALORE
MYSORE
HYDERABAD
MUMBAI
CHENNAI
BELLARY OFFICE
POOJA Travels
Opp Buda Complex, Mothi Circle,
Double Road, Belary
7259223770/9164300114
ಜೂನ್ 30 ರ ವರೆಗೆ ಜೋಳ ಖರೀದಿ ಅವಧಿ ವಿಸ್ತರಣೆ
ಕನ್ನಡನಾಡು ವಾರ್ತೆ
ಬಳ್ಳಾರಿ, ಮೇ.14: 2024–25 ನೇ ಸಾಲಿನ ಹಿಂಗಾರು ಋತುವಿನಲ್ಲಿ ಬೆಳೆದ ಬಿಳಿಜೋಳವನ್ನು ಕನಿಷ್ಠ ಬೆಂಬಲ ಬೆಲೆ ಯೋಜನೆಯಡಿ ರೈತರಿಂದ ನೇರವಾಗಿ ಖರೀದಿಸುವ ಅವಧಿಯನ್ನು ಜೂನ್ 30 ರವರೆಗೆ ವಿಸ್ತರಿಸಲಾಗಿದೆ.
30 ರ ವರೆಗೆ ವಿಸ್ತರಿಸಲಾಗಿದೆ ಎಂದು ಜಿಲ್ಲಾ ಆಹಾರ, ನಾಗರಿಕ ಸರಬರಾಜು ಇಲಾಖೆ ಉಪನಿರ್ದೇಶಕರು ಪ್ರಕಟಣೆಯಲ್ಲಿ ತಿಳಿಸಿದ್ದಾರೆ. ಬೆಂಬಲ ಬೆಲೆ ಯೋಜನೆಯ ಲಾಭ ಪಡೆಯಲು ರೈತರು ತಮ್ಮ ಹತ್ತಿರದ ಖರೀದಿ ಕೇಂದ್ರದಲ್ಲಿ ನೋಂದಣಿ ಮಾಡಿಸಿಕೊಳ್ಳಬೇಕು.
ಮಾರಾಟ ಮಹಾ ಮಂಡಳ ನಿಯಮಿತದ ಜಿಲ್ಲಾ ವ್ಯವಸ್ಥಾಪಕರು ಅಥವಾ ಆಯಾ ತಾಲ್ಲೂಕು ಮಟ್ಟದ ಖರೀದಿ ಕೇಂದ್ರದ ಅಧಿಕಾರಿ, ಎಪಿಎಂಸಿ ಕಾರ್ಯದರ್ಶಿ, ಕೃಷಿ ಸಂಪರ್ಕ ಕೇಂದ್ರಗಳಿಗೆ ಭೇಟಿ ನೀಡಿ ಸಂಪರ್ಕಿಸಬಹುದು ಎಂದು ಜಿಲ್ಲಾಧಿಕಾರಿಗಳು ತಿಳಿಸಿದ್ದಾರೆ.
EE NAMMA KANNADANADU, Kannada Daily, Edited, Printed, Published & Owned by "Bhagyalakshmi.R.", by on behalf of Kasthuri Publishers, Printed at Plot No.18, Industrial Area, Anantapur Road, BELLARY - 583101,
Prepaid Licence No. KRND-25. RNI Regd. No. 63828/95 ph: 08392-294035. Mail ID: enknbel@gmail.com
